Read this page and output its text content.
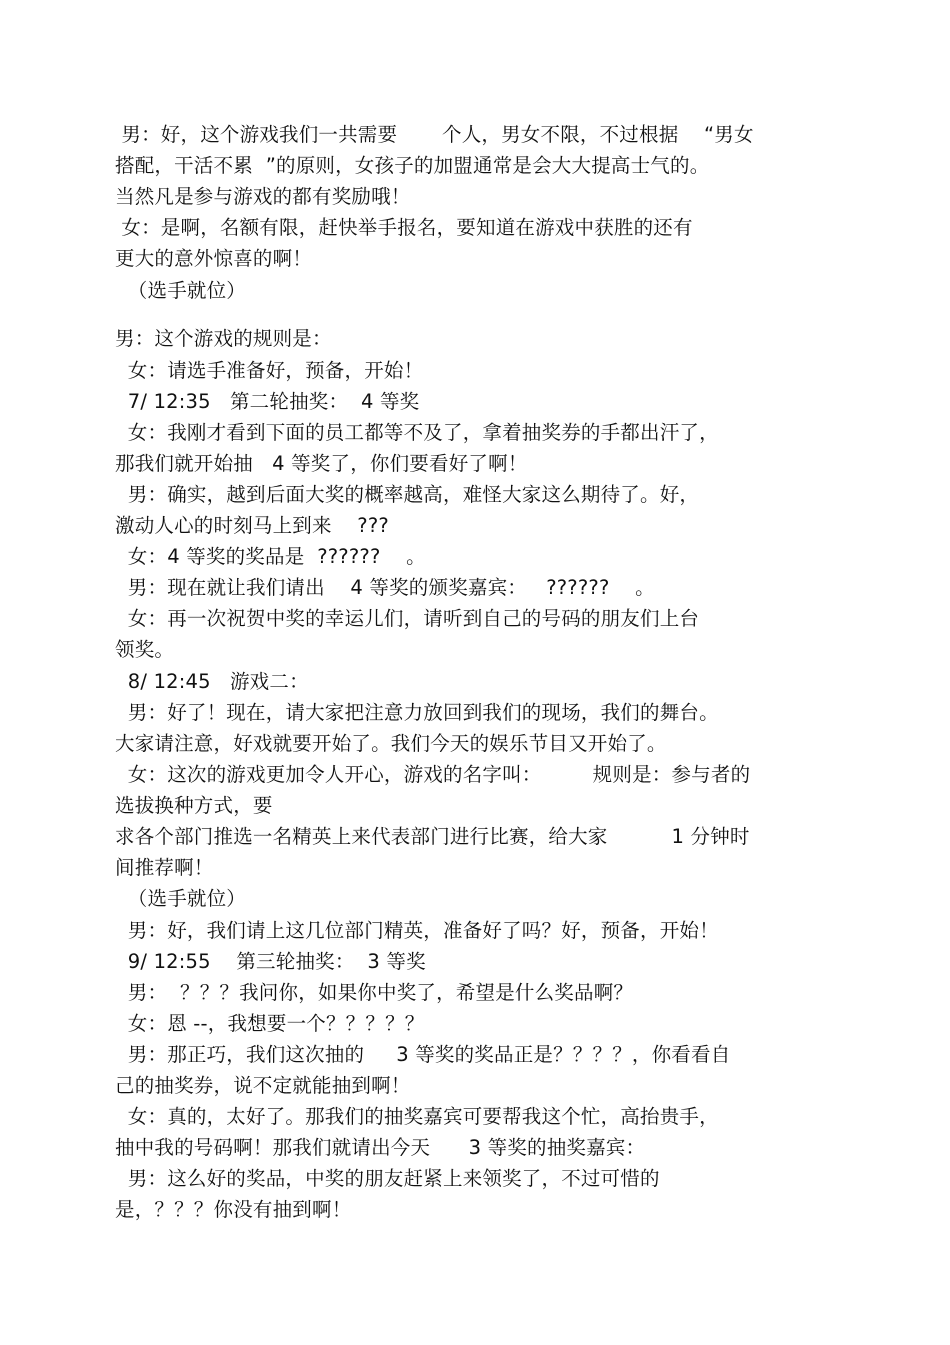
男：好，这个游戏我们一共需要       个人，男女不限，不过根据    “男女
搭配，干活不累  ”的原则，女孩子的加盟通常是会大大提高士气的。
当然凡是参与游戏的都有奖励哦！
女：是啊，名额有限，赶快举手报名，要知道在游戏中获胜的还有
更大的意外惊喜的啊！
（选手就位）
男：这个游戏的规则是：
女：请选手准备好，预备，开始！
7/ 12:35   第二轮抽奖：  4 等奖
女：我刚才看到下面的员工都等不及了，拿着抽奖券的手都出汗了，
那我们就开始抽   4 等奖了，你们要看好了啊！
男：确实，越到后面大奖的概率越高，难怪大家这么期待了。好，
激动人心的时刻马上到来    ???
女：4 等奖的奖品是  ??????    。
男：现在就让我们请出    4 等奖的颁奖嘉宾：   ??????    。
女：再一次祝贺中奖的幸运儿们，请听到自己的号码的朋友们上台
领奖。
8/ 12:45   游戏二：
男：好了！现在，请大家把注意力放回到我们的现场，我们的舞台。
大家请注意，好戏就要开始了。我们今天的娱乐节目又开始了。
女：这次的游戏更加令人开心，游戏的名字叫：        规则是：参与者的
选拔换种方式，要
求各个部门推选一名精英上来代表部门进行比赛，给大家          1 分钟时
间推荐啊！
（选手就位）
男：好，我们请上这几位部门精英，准备好了吗？好，预备，开始！
9/ 12:55    第三轮抽奖：  3 等奖
男：  ？？？我问你，如果你中奖了，希望是什么奖品啊？
女：恩 --，我想要一个？？？？？
男：那正巧，我们这次抽的     3 等奖的奖品正是？？？？，你看看自
己的抽奖券，说不定就能抽到啊！
女：真的，太好了。那我们的抽奖嘉宾可要帮我这个忙，高抬贵手，
抽中我的号码啊！那我们就请出今天      3 等奖的抽奖嘉宾：
男：这么好的奖品，中奖的朋友赶紧上来领奖了，不过可惜的
是，？？？你没有抽到啊！
